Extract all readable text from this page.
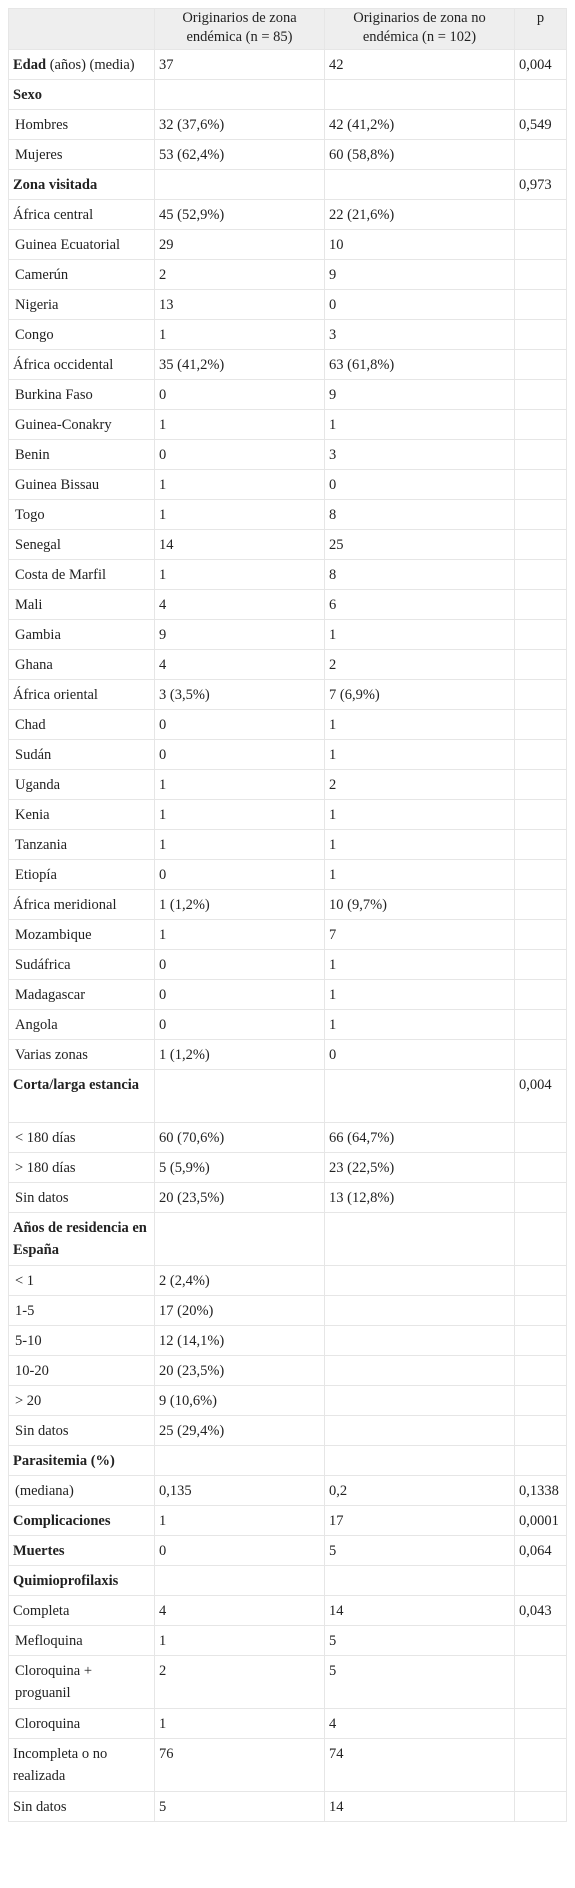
	Originarios de zona endémica (n = 85)	Originarios de zona no endémica (n = 102)	p
Edad (años) (media)	37	42	0,004
Sexo			
Hombres	32 (37,6%)	42 (41,2%)	0,549
Mujeres	53 (62,4%)	60 (58,8%)	
Zona visitada			0,973
África central	45 (52,9%)	22 (21,6%)	
Guinea Ecuatorial	29	10	
Camerún	2	9	
Nigeria	13	0	
Congo	1	3	
África occidental	35 (41,2%)	63 (61,8%)	
Burkina Faso	0	9	
Guinea-Conakry	1	1	
Benin	0	3	
Guinea Bissau	1	0	
Togo	1	8	
Senegal	14	25	
Costa de Marfil	1	8	
Mali	4	6	
Gambia	9	1	
Ghana	4	2	
África oriental	3 (3,5%)	7 (6,9%)	
Chad	0	1	
Sudán	0	1	
Uganda	1	2	
Kenia	1	1	
Tanzania	1	1	
Etiopía	0	1	
África meridional	1 (1,2%)	10 (9,7%)	
Mozambique	1	7	
Sudáfrica	0	1	
Madagascar	0	1	
Angola	0	1	
Varias zonas	1 (1,2%)	0	
Corta/larga estancia			0,004
< 180 días	60 (70,6%)	66 (64,7%)	
> 180 días	5 (5,9%)	23 (22,5%)	
Sin datos	20 (23,5%)	13 (12,8%)	
Años de residencia en España			
< 1	2 (2,4%)		
1-5	17 (20%)		
5-10	12 (14,1%)		
10-20	20 (23,5%)		
> 20	9 (10,6%)		
Sin datos	25 (29,4%)		
Parasitemia (%)			
(mediana)	0,135	0,2	0,1338
Complicaciones	1	17	0,0001
Muertes	0	5	0,064
Quimioprofilaxis			
Completa	4	14	0,043
Mefloquina	1	5	
Cloroquina + proguanil	2	5	
Cloroquina	1	4	
Incompleta o no realizada	76	74	
Sin datos	5	14	
